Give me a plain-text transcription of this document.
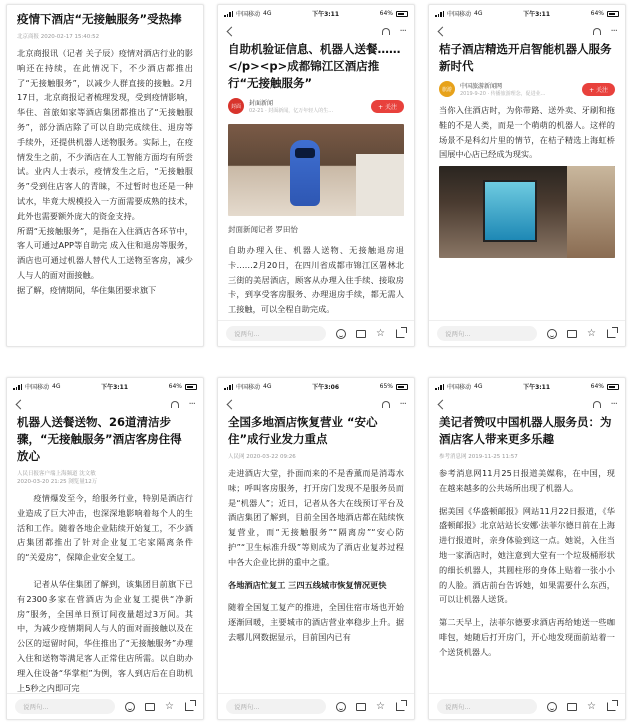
疫情下酒店“无接触服务”受热捧
北京商报 2020-02-17 15:40:52

北京商报讯（记者 关子辰）疫情对酒店行业的影响还在持续，在此情况下，不少酒店都推出了“无接触服务”，以减少人群直接的接触。2月17日，北京商报记者梳理发现，受到疫情影响，华住、首旅如家等酒店集团都推出了“无接触服务”，部分酒店除了可以自助完成续住、退房等手续外，还提供机器人送物服务。实际上，在疫情发生之前，不少酒店在人工智能方面均有所尝试。业内人士表示，疫情发生之后，“无接触服务”受到住店客人的青睐，不过暂时也还是一种试水，毕竟大规模投入一方面需要成熟的技术，此外也需要额外庞大的资金支持。

所谓“无接触服务”，是指在入住酒店各环节中，客人可通过APP等自助完 成入住和退房等服务，酒店也可通过机器人替代人工送物至客房，减少人与人的面对面接触。

据了解，疫情期间，华住集团要求旗下

中国移动 4G	下午3:11	64%
···
自助机验证信息、机器人送餐……</p><p>成都锦江区酒店推行“无接触服务”
封面	封面新闻
02-21 · 封面新闻，亿万年轻人的生...
+ 关注
封面新闻记者 罗田怡

自助办理入住、机器人送物、无接触退房退卡……2月20日，在四川省成都市锦江区署林北三街的美居酒店，顾客从办理入住手续、接取房卡，到享受客房服务、办理退房手续，都无需人工接触，可以全程自助完成。

说两句...	☆
中国移动 4G	下午3:11	64%
···
桔子酒店精选开启智能机器人服务新时代
旅游	中国旅游新闻网
2019-9-20 · 传播旅游理念，促进业...
+ 关注

当你入住酒店时，为你带路、送外卖、牙刷和拖鞋的不是人类，而是一个萌萌的机器人。这样的场景不是科幻片里的情节，在桔子精选上海虹桥国展中心店已经成为现实。

说两句...	☆
中国移动 4G	下午3:11	64%
···
机器人送餐送物、26道清洁步骤，“无接触服务”酒店客房住得放心
人民日报客户端上海频道 沈文敏
2020-03-20 21:25 浏览量12万

疫情爆发至今，给服务行业，特别是酒店行业造成了巨大冲击，也深深地影响着每个人的生活和工作。随着各地企业陆续开始复工，不少酒店集团都推出了针对企业复工宅家隔离条件的“关爱房”，保障企业安全复工。

记者从华住集团了解到，该集团目前旗下已有2300多家在营酒店为企业复工提供“净新房”服务，全国单日预订间夜量超过3万间。其中，为减少疫情期间人与人的面对面接触以及在公区的逗留时间，华住推出了“无接触服务”办理入住和送物等满足客人正常住店所需。以自助办理入住设备“华掌柜”为例，客人到店后在自助机上5秒之内即可完

说两句...	☆
中国移动 4G	下午3:06	65%
···
全国多地酒店恢复营业 “安心住”成行业发力重点
人民网 2020-03-22 09:26

走进酒店大堂，扑面而来的不是香薰而是消毒水味；呼叫客房服务，打开房门发现不是服务员而是“机器人”；近日，记者从各大在线预订平台及酒店集团了解到，目前全国各地酒店都在陆续恢复营业，而“无接触服务”“隔离房”“安心防护”“卫生标准升级”等则成为了酒店业复苏过程中各大企业比拼的重中之重。

各地酒店忙复工 三四五线城市恢复情况更快

随着全国复工复产的推进，全国住宿市场也开始逐渐回暖，主要城市的酒店营业率稳步上升。据去哪儿网数据显示，目前国内已有

说两句...	☆
中国移动 4G	下午3:11	64%
···
美记者赞叹中国机器人服务员：为酒店客人带来更多乐趣
参考消息网 2019-11-25 11:57

参考消息网11月25日报道美媒称，在中国，现在越来越多的公共场所出现了机器人。

据美国《华盛顿邮报》网站11月22日报道，《华盛顿邮报》北京站站长安娜·法菲尔德日前在上海进行报道时，亲身体验到这一点。她说，入住当地一家酒店时，她注意到大堂有一个垃圾桶形状的细长机器人，其圆柱形的身体上贴着一张小小的人脸。酒店前台告诉她，如果需要什么东西，可以让机器人送货。

第二天早上，法菲尔德要求酒店再给她送一些咖啡包，她随后打开房门，开心地发现面前站着一个送货机器人。

说两句...	☆
